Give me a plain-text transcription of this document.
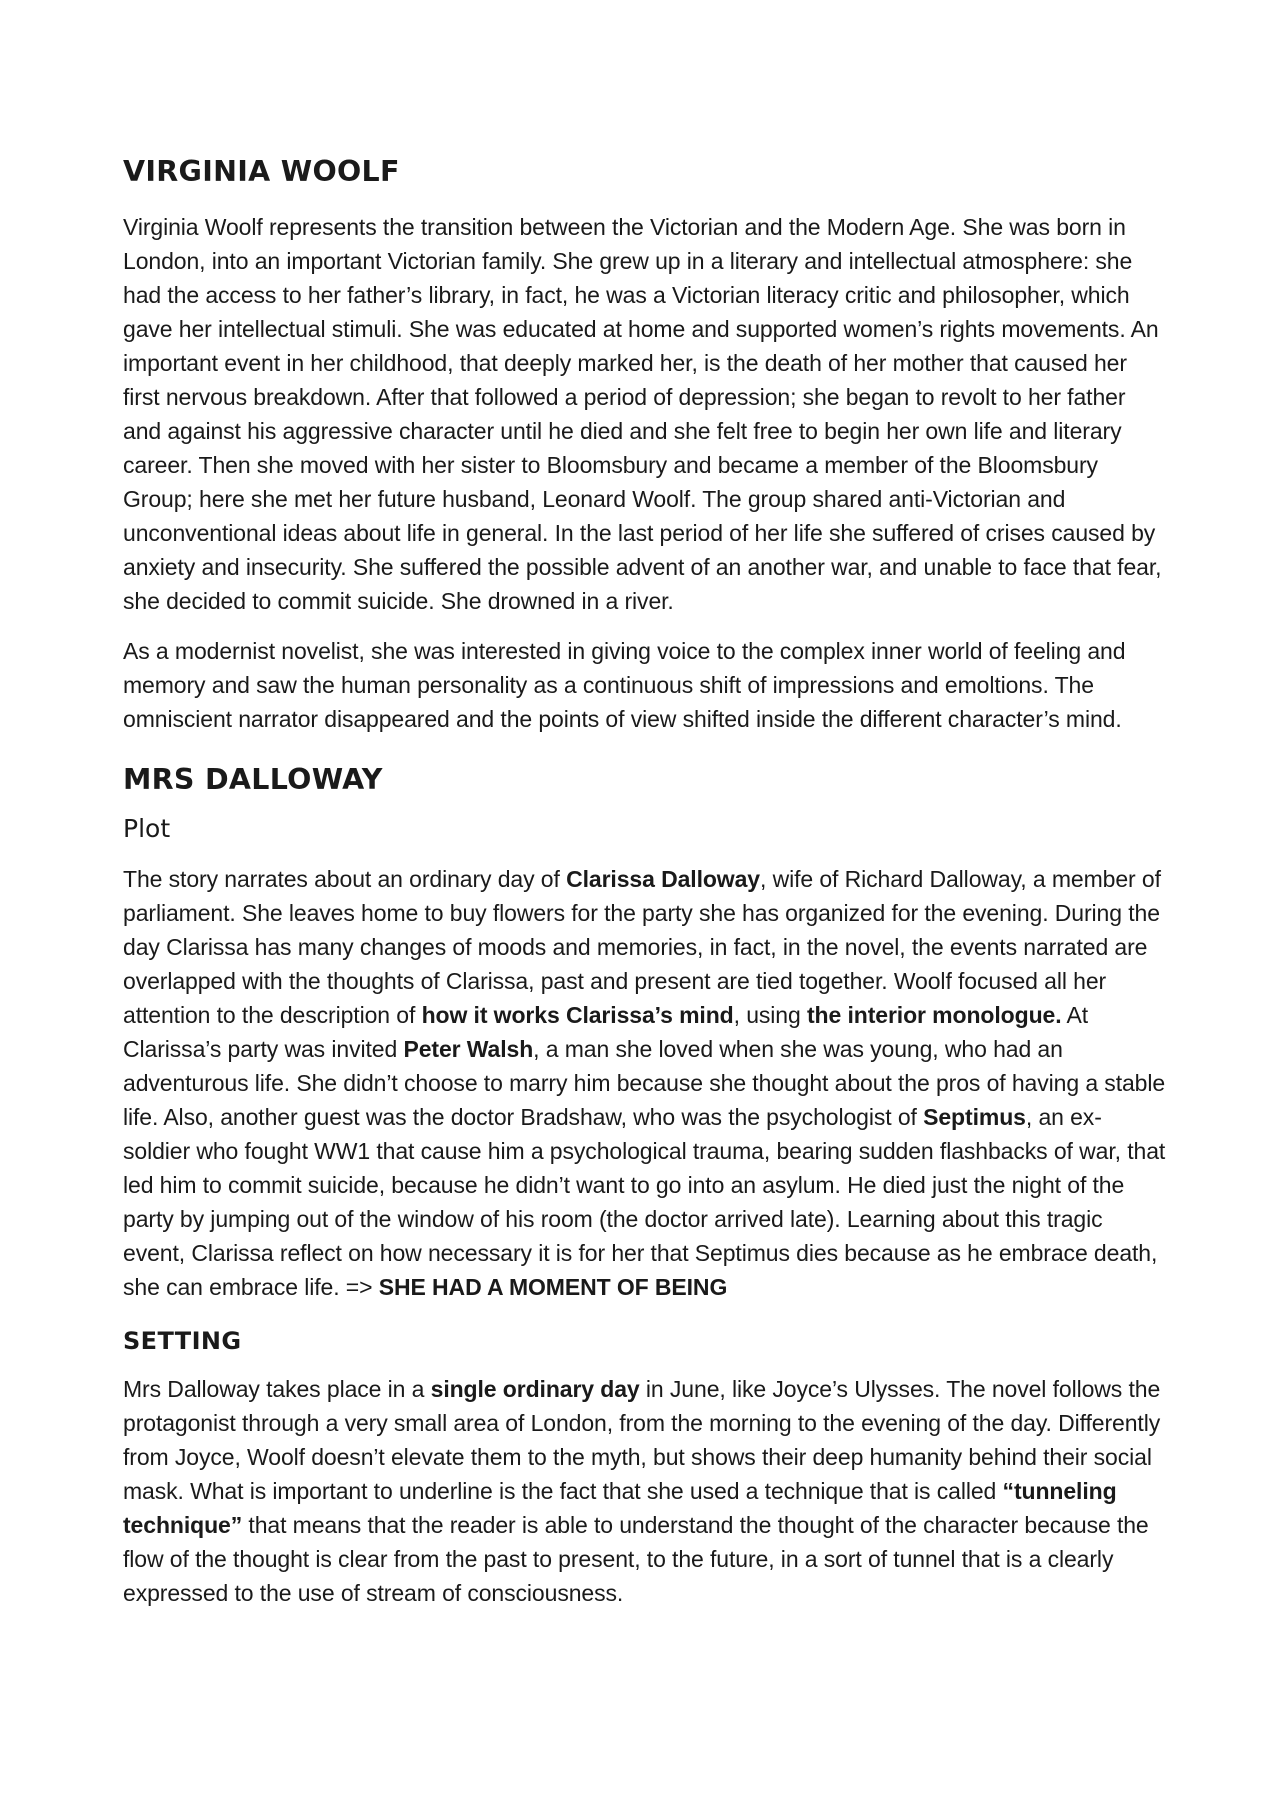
VIRGINIA WOOLF

Virginia Woolf represents the transition between the Victorian and the Modern Age. She was born in London, into an important Victorian family. She grew up in a literary and intellectual atmosphere: she had the access to her father’s library, in fact, he was a Victorian literacy critic and philosopher, which gave her intellectual stimuli. She was educated at home and supported women’s rights movements. An important event in her childhood, that deeply marked her, is the death of her mother that caused her first nervous breakdown. After that followed a period of depression; she began to revolt to her father and against his aggressive character until he died and she felt free to begin her own life and literary career. Then she moved with her sister to Bloomsbury and became a member of the Bloomsbury Group; here she met her future husband, Leonard Woolf. The group shared anti-Victorian and unconventional ideas about life in general. In the last period of her life she suffered of crises caused by anxiety and insecurity. She suffered the possible advent of an another war, and unable to face that fear, she decided to commit suicide. She drowned in a river.

As a modernist novelist, she was interested in giving voice to the complex inner world of feeling and memory and saw the human personality as a continuous shift of impressions and emoltions. The omniscient narrator disappeared and the points of view shifted inside the different character’s mind.

MRS DALLOWAY
Plot

The story narrates about an ordinary day of Clarissa Dalloway, wife of Richard Dalloway, a member of parliament. She leaves home to buy flowers for the party she has organized for the evening. During the day Clarissa has many changes of moods and memories, in fact, in the novel, the events narrated are overlapped with the thoughts of Clarissa, past and present are tied together. Woolf focused all her attention to the description of how it works Clarissa’s mind, using the interior monologue. At Clarissa’s party was invited Peter Walsh, a man she loved when she was young, who had an adventurous life. She didn’t choose to marry him because she thought about the pros of having a stable life. Also, another guest was the doctor Bradshaw, who was the psychologist of Septimus, an ex-soldier who fought WW1 that cause him a psychological trauma, bearing sudden flashbacks of war, that led him to commit suicide, because he didn’t want to go into an asylum. He died just the night of the party by jumping out of the window of his room (the doctor arrived late). Learning about this tragic event, Clarissa reflect on how necessary it is for her that Septimus dies because as he embrace death, she can embrace life. => SHE HAD A MOMENT OF BEING

SETTING

Mrs Dalloway takes place in a single ordinary day in June, like Joyce’s Ulysses. The novel follows the protagonist through a very small area of London, from the morning to the evening of the day. Differently from Joyce, Woolf doesn’t elevate them to the myth, but shows their deep humanity behind their social mask. What is important to underline is the fact that she used a technique that is called “tunneling technique” that means that the reader is able to understand the thought of the character because the flow of the thought is clear from the past to present, to the future, in a sort of tunnel that is a clearly expressed to the use of stream of consciousness.
